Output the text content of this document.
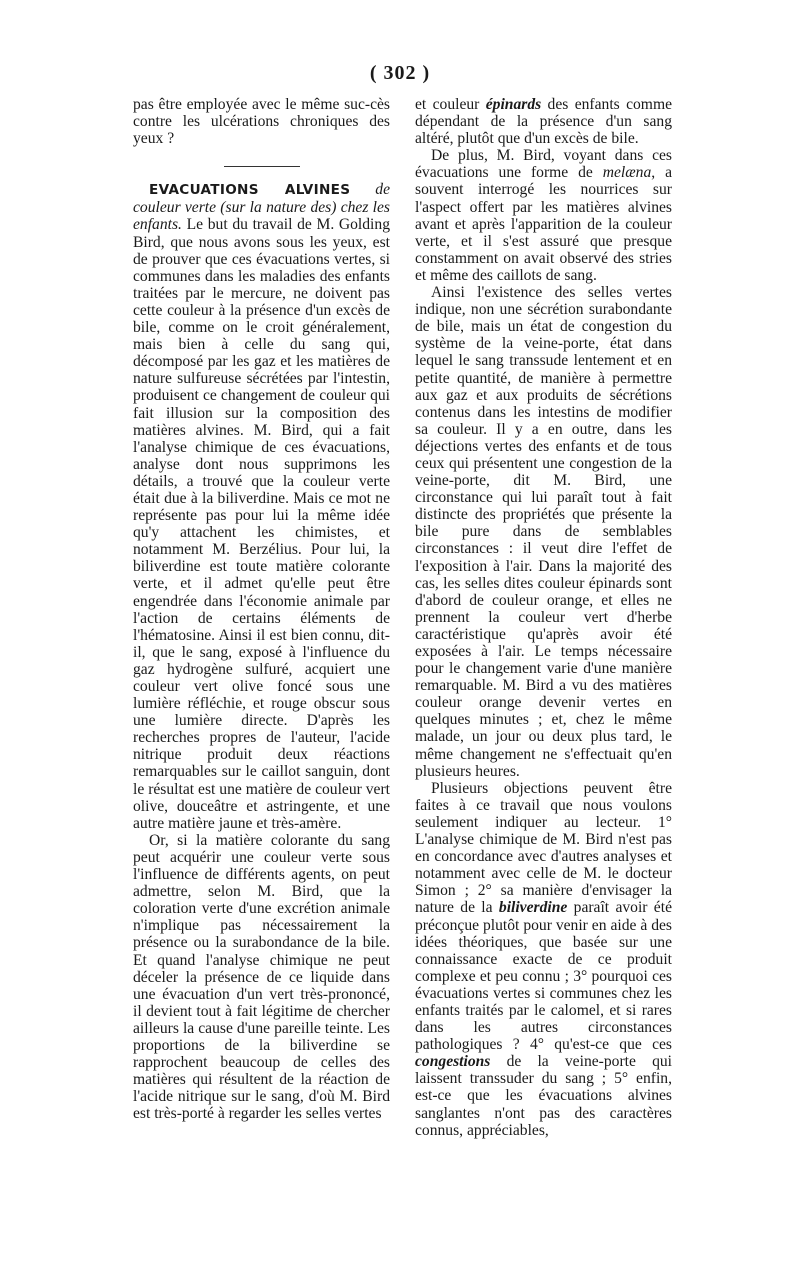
( 302 )

pas être employée avec le même suc-cès contre les ulcérations chroniques des yeux ?

EVACUATIONS ALVINES de couleur verte (sur la nature des) chez les enfants. Le but du travail de M. Golding Bird, que nous avons sous les yeux, est de prouver que ces évacuations vertes, si communes dans les maladies des enfants traitées par le mercure, ne doivent pas cette couleur à la présence d'un excès de bile, comme on le croit généralement, mais bien à celle du sang qui, décomposé par les gaz et les matières de nature sulfureuse sécrétées par l'intestin, produisent ce changement de couleur qui fait illusion sur la composition des matières alvines. M. Bird, qui a fait l'analyse chimique de ces évacuations, analyse dont nous supprimons les détails, a trouvé que la couleur verte était due à la biliverdine. Mais ce mot ne représente pas pour lui la même idée qu'y attachent les chimistes, et notamment M. Berzélius. Pour lui, la biliverdine est toute matière colorante verte, et il admet qu'elle peut être engendrée dans l'économie animale par l'action de certains éléments de l'hématosine. Ainsi il est bien connu, dit-il, que le sang, exposé à l'influence du gaz hydrogène sulfuré, acquiert une couleur vert olive foncé sous une lumière réfléchie, et rouge obscur sous une lumière directe. D'après les recherches propres de l'auteur, l'acide nitrique produit deux réactions remarquables sur le caillot sanguin, dont le résultat est une matière de couleur vert olive, douceâtre et astringente, et une autre matière jaune et très-amère.

Or, si la matière colorante du sang peut acquérir une couleur verte sous l'influence de différents agents, on peut admettre, selon M. Bird, que la coloration verte d'une excrétion animale n'implique pas nécessairement la présence ou la surabondance de la bile. Et quand l'analyse chimique ne peut déceler la présence de ce liquide dans une évacuation d'un vert très-prononcé, il devient tout à fait légitime de chercher ailleurs la cause d'une pareille teinte. Les proportions de la biliverdine se rapprochent beaucoup de celles des matières qui résultent de la réaction de l'acide nitrique sur le sang, d'où M. Bird est très-porté à regarder les selles vertes

et couleur épinards des enfants comme dépendant de la présence d'un sang altéré, plutôt que d'un excès de bile.

De plus, M. Bird, voyant dans ces évacuations une forme de melæna, a souvent interrogé les nourrices sur l'aspect offert par les matières alvines avant et après l'apparition de la couleur verte, et il s'est assuré que presque constamment on avait observé des stries et même des caillots de sang.

Ainsi l'existence des selles vertes indique, non une sécrétion surabondante de bile, mais un état de congestion du système de la veine-porte, état dans lequel le sang transsude lentement et en petite quantité, de manière à permettre aux gaz et aux produits de sécrétions contenus dans les intestins de modifier sa couleur. Il y a en outre, dans les déjections vertes des enfants et de tous ceux qui présentent une congestion de la veine-porte, dit M. Bird, une circonstance qui lui paraît tout à fait distincte des propriétés que présente la bile pure dans de semblables circonstances : il veut dire l'effet de l'exposition à l'air. Dans la majorité des cas, les selles dites couleur épinards sont d'abord de couleur orange, et elles ne prennent la couleur vert d'herbe caractéristique qu'après avoir été exposées à l'air. Le temps nécessaire pour le changement varie d'une manière remarquable. M. Bird a vu des matières couleur orange devenir vertes en quelques minutes ; et, chez le même malade, un jour ou deux plus tard, le même changement ne s'effectuait qu'en plusieurs heures.

Plusieurs objections peuvent être faites à ce travail que nous voulons seulement indiquer au lecteur. 1° L'analyse chimique de M. Bird n'est pas en concordance avec d'autres analyses et notamment avec celle de M. le docteur Simon ; 2° sa manière d'envisager la nature de la biliverdine paraît avoir été préconçue plutôt pour venir en aide à des idées théoriques, que basée sur une connaissance exacte de ce produit complexe et peu connu ; 3° pourquoi ces évacuations vertes si communes chez les enfants traités par le calomel, et si rares dans les autres circonstances pathologiques ? 4° qu'est-ce que ces congestions de la veine-porte qui laissent transsuder du sang ; 5° enfin, est-ce que les évacuations alvines sanglantes n'ont pas des caractères connus, appréciables,
